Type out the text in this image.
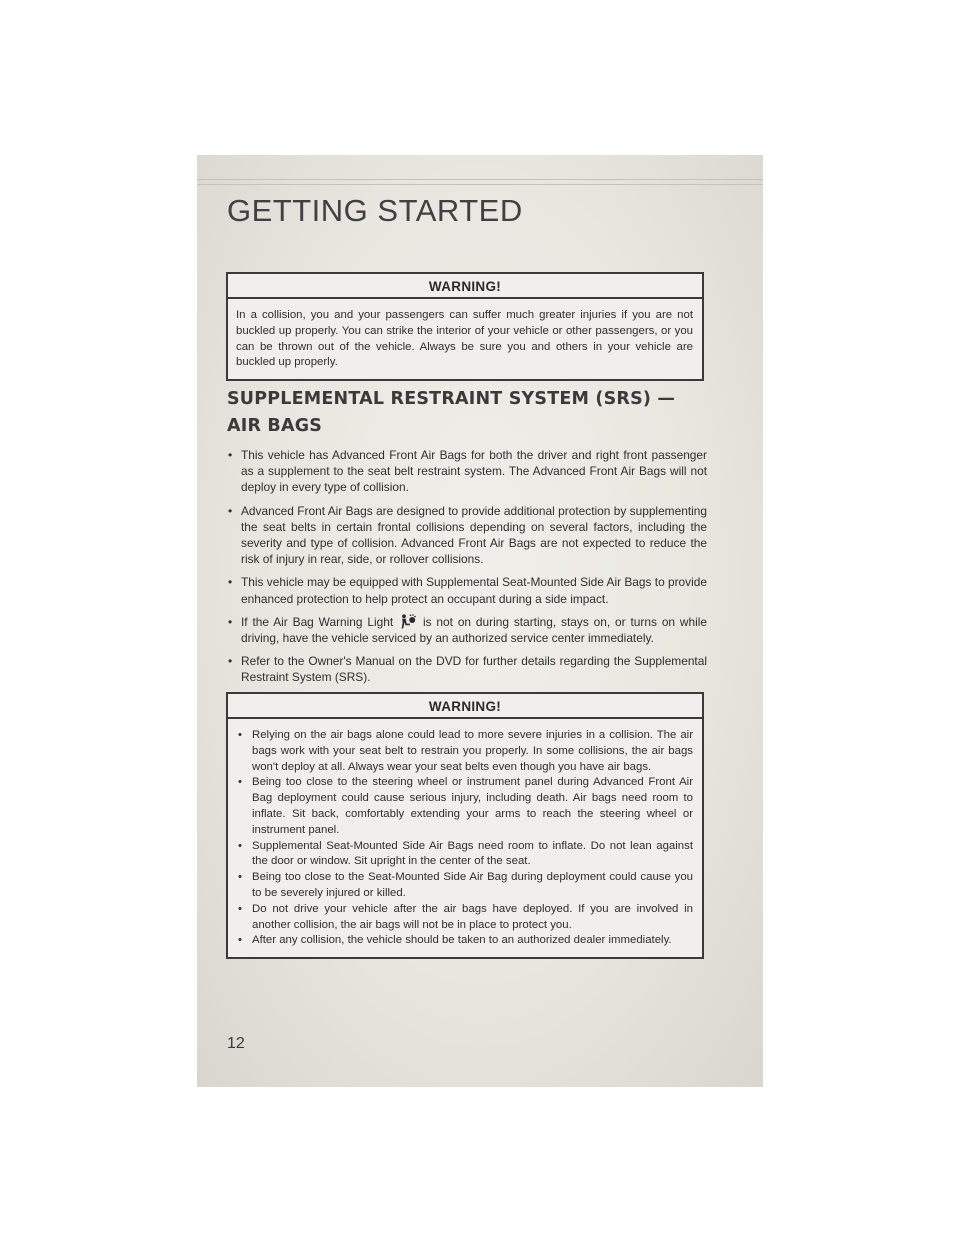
GETTING STARTED
WARNING!
In a collision, you and your passengers can suffer much greater injuries if you are not buckled up properly. You can strike the interior of your vehicle or other passengers, or you can be thrown out of the vehicle. Always be sure you and others in your vehicle are buckled up properly.
SUPPLEMENTAL RESTRAINT SYSTEM (SRS) — AIR BAGS
• This vehicle has Advanced Front Air Bags for both the driver and right front passenger as a supplement to the seat belt restraint system. The Advanced Front Air Bags will not deploy in every type of collision.
• Advanced Front Air Bags are designed to provide additional protection by supplementing the seat belts in certain frontal collisions depending on several factors, including the severity and type of collision. Advanced Front Air Bags are not expected to reduce the risk of injury in rear, side, or rollover collisions.
• This vehicle may be equipped with Supplemental Seat-Mounted Side Air Bags to provide enhanced protection to help protect an occupant during a side impact.
• If the Air Bag Warning Light	is not on during starting, stays on, or turns on while driving, have the vehicle serviced by an authorized service center immediately.
• Refer to the Owner's Manual on the DVD for further details regarding the Supplemental Restraint System (SRS).
WARNING!
• Relying on the air bags alone could lead to more severe injuries in a collision. The air bags work with your seat belt to restrain you properly. In some collisions, the air bags won't deploy at all. Always wear your seat belts even though you have air bags.
• Being too close to the steering wheel or instrument panel during Advanced Front Air Bag deployment could cause serious injury, including death. Air bags need room to inflate. Sit back, comfortably extending your arms to reach the steering wheel or instrument panel.
• Supplemental Seat-Mounted Side Air Bags need room to inflate. Do not lean against the door or window. Sit upright in the center of the seat.
• Being too close to the Seat-Mounted Side Air Bag during deployment could cause you to be severely injured or killed.
• Do not drive your vehicle after the air bags have deployed. If you are involved in another collision, the air bags will not be in place to protect you.
• After any collision, the vehicle should be taken to an authorized dealer immediately.
12
